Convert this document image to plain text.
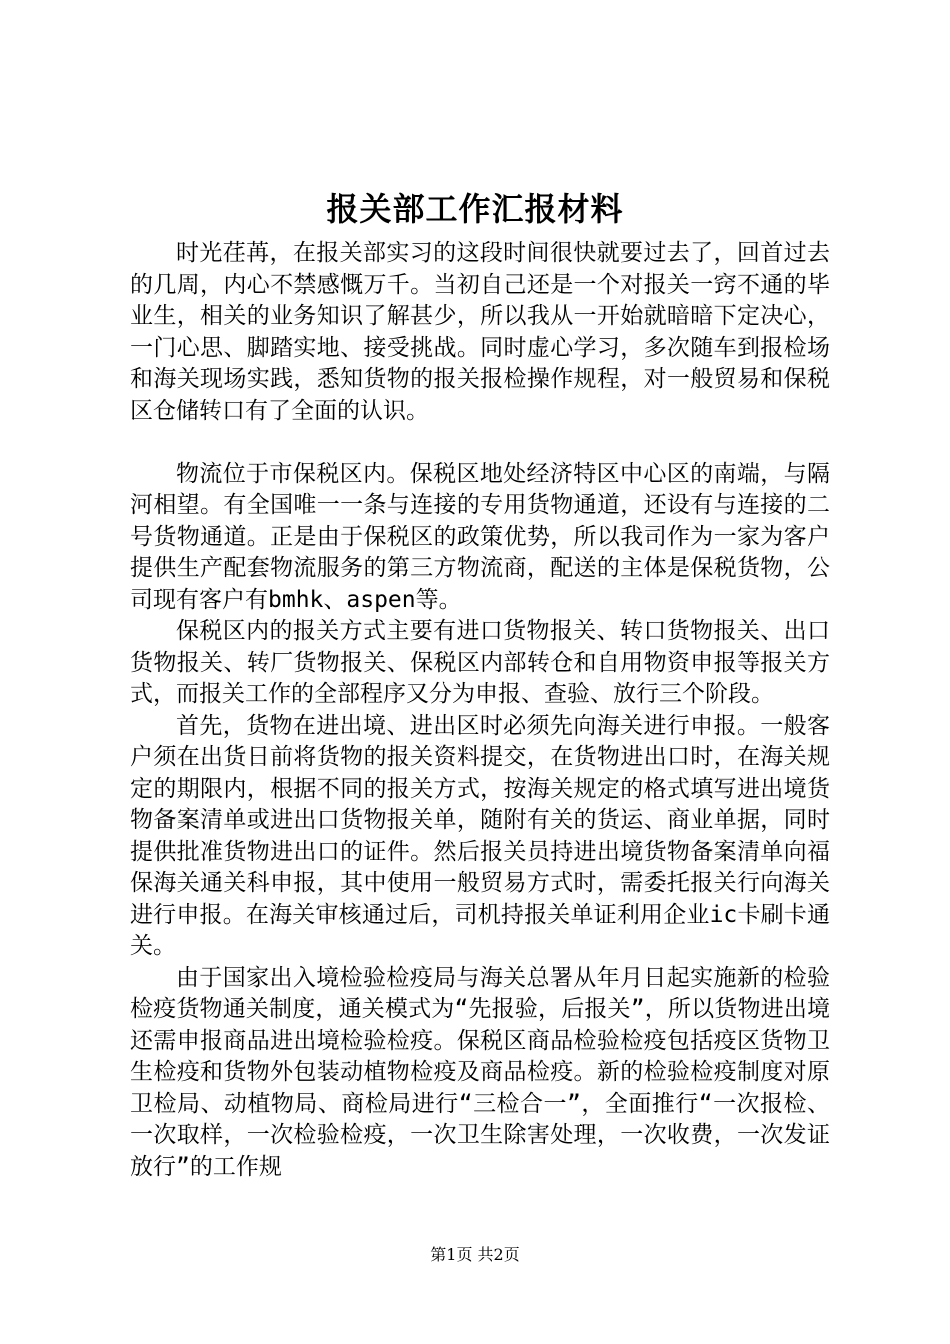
报关部工作汇报材料

时光荏苒，在报关部实习的这段时间很快就要过去了，回首过去的几周，内心不禁感慨万千。当初自己还是一个对报关一窍不通的毕业生，相关的业务知识了解甚少，所以我从一开始就暗暗下定决心，一门心思、脚踏实地、接受挑战。同时虚心学习，多次随车到报检场和海关现场实践，悉知货物的报关报检操作规程，对一般贸易和保税区仓储转口有了全面的认识。

物流位于市保税区内。保税区地处经济特区中心区的南端，与隔河相望。有全国唯一一条与连接的专用货物通道，还设有与连接的二号货物通道。正是由于保税区的政策优势，所以我司作为一家为客户提供生产配套物流服务的第三方物流商，配送的主体是保税货物，公司现有客户有bmhk、aspen等。

保税区内的报关方式主要有进口货物报关、转口货物报关、出口货物报关、转厂货物报关、保税区内部转仓和自用物资申报等报关方式，而报关工作的全部程序又分为申报、查验、放行三个阶段。

首先，货物在进出境、进出区时必须先向海关进行申报。一般客户须在出货日前将货物的报关资料提交，在货物进出口时，在海关规定的期限内，根据不同的报关方式，按海关规定的格式填写进出境货物备案清单或进出口货物报关单，随附有关的货运、商业单据，同时提供批准货物进出口的证件。然后报关员持进出境货物备案清单向福保海关通关科申报，其中使用一般贸易方式时，需委托报关行向海关进行申报。在海关审核通过后，司机持报关单证利用企业ic卡刷卡通关。

由于国家出入境检验检疫局与海关总署从年月日起实施新的检验检疫货物通关制度，通关模式为“先报验，后报关”，所以货物进出境还需申报商品进出境检验检疫。保税区商品检验检疫包括疫区货物卫生检疫和货物外包装动植物检疫及商品检疫。新的检验检疫制度对原卫检局、动植物局、商检局进行“三检合一”，全面推行“一次报检、一次取样，一次检验检疫，一次卫生除害处理，一次收费，一次发证放行”的工作规

第1页 共2页
